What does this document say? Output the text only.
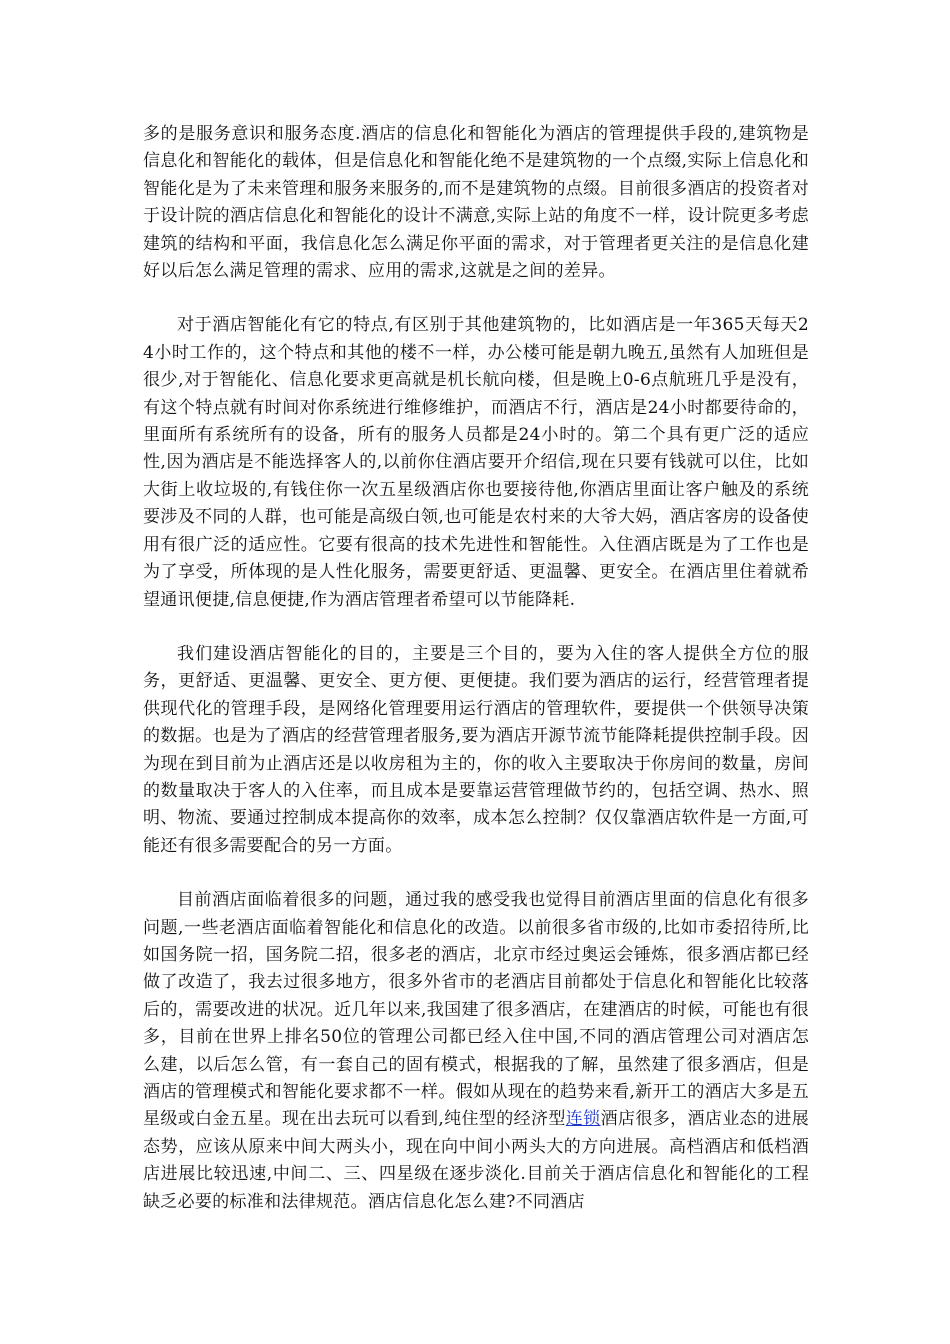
多的是服务意识和服务态度.酒店的信息化和智能化为酒店的管理提供手段的,建筑物是信息化和智能化的载体，但是信息化和智能化绝不是建筑物的一个点缀,实际上信息化和智能化是为了未来管理和服务来服务的,而不是建筑物的点缀。目前很多酒店的投资者对于设计院的酒店信息化和智能化的设计不满意,实际上站的角度不一样，设计院更多考虑建筑的结构和平面，我信息化怎么满足你平面的需求，对于管理者更关注的是信息化建好以后怎么满足管理的需求、应用的需求,这就是之间的差异。

对于酒店智能化有它的特点,有区别于其他建筑物的，比如酒店是一年365天每天24小时工作的，这个特点和其他的楼不一样，办公楼可能是朝九晚五,虽然有人加班但是很少,对于智能化、信息化要求更高就是机长航向楼，但是晚上0-6点航班几乎是没有，有这个特点就有时间对你系统进行维修维护，而酒店不行，酒店是24小时都要待命的，里面所有系统所有的设备，所有的服务人员都是24小时的。第二个具有更广泛的适应性,因为酒店是不能选择客人的,以前你住酒店要开介绍信,现在只要有钱就可以住，比如大街上收垃圾的,有钱住你一次五星级酒店你也要接待他,你酒店里面让客户触及的系统要涉及不同的人群，也可能是高级白领,也可能是农村来的大爷大妈，酒店客房的设备使用有很广泛的适应性。它要有很高的技术先进性和智能性。入住酒店既是为了工作也是为了享受，所体现的是人性化服务，需要更舒适、更温馨、更安全。在酒店里住着就希望通讯便捷,信息便捷,作为酒店管理者希望可以节能降耗.

我们建设酒店智能化的目的，主要是三个目的，要为入住的客人提供全方位的服务，更舒适、更温馨、更安全、更方便、更便捷。我们要为酒店的运行，经营管理者提供现代化的管理手段，是网络化管理要用运行酒店的管理软件，要提供一个供领导决策的数据。也是为了酒店的经营管理者服务,要为酒店开源节流节能降耗提供控制手段。因为现在到目前为止酒店还是以收房租为主的，你的收入主要取决于你房间的数量，房间的数量取决于客人的入住率，而且成本是要靠运营管理做节约的，包括空调、热水、照明、物流、要通过控制成本提高你的效率，成本怎么控制？仅仅靠酒店软件是一方面,可能还有很多需要配合的另一方面。

目前酒店面临着很多的问题，通过我的感受我也觉得目前酒店里面的信息化有很多问题,一些老酒店面临着智能化和信息化的改造。以前很多省市级的,比如市委招待所,比如国务院一招，国务院二招，很多老的酒店，北京市经过奥运会锤炼，很多酒店都已经做了改造了，我去过很多地方，很多外省市的老酒店目前都处于信息化和智能化比较落后的，需要改进的状况。近几年以来,我国建了很多酒店，在建酒店的时候，可能也有很多，目前在世界上排名50位的管理公司都已经入住中国,不同的酒店管理公司对酒店怎么建，以后怎么管，有一套自己的固有模式，根据我的了解，虽然建了很多酒店，但是酒店的管理模式和智能化要求都不一样。假如从现在的趋势来看,新开工的酒店大多是五星级或白金五星。现在出去玩可以看到,纯住型的经济型连锁酒店很多，酒店业态的进展态势，应该从原来中间大两头小，现在向中间小两头大的方向进展。高档酒店和低档酒店进展比较迅速,中间二、三、四星级在逐步淡化.目前关于酒店信息化和智能化的工程缺乏必要的标准和法律规范。酒店信息化怎么建?不同酒店
